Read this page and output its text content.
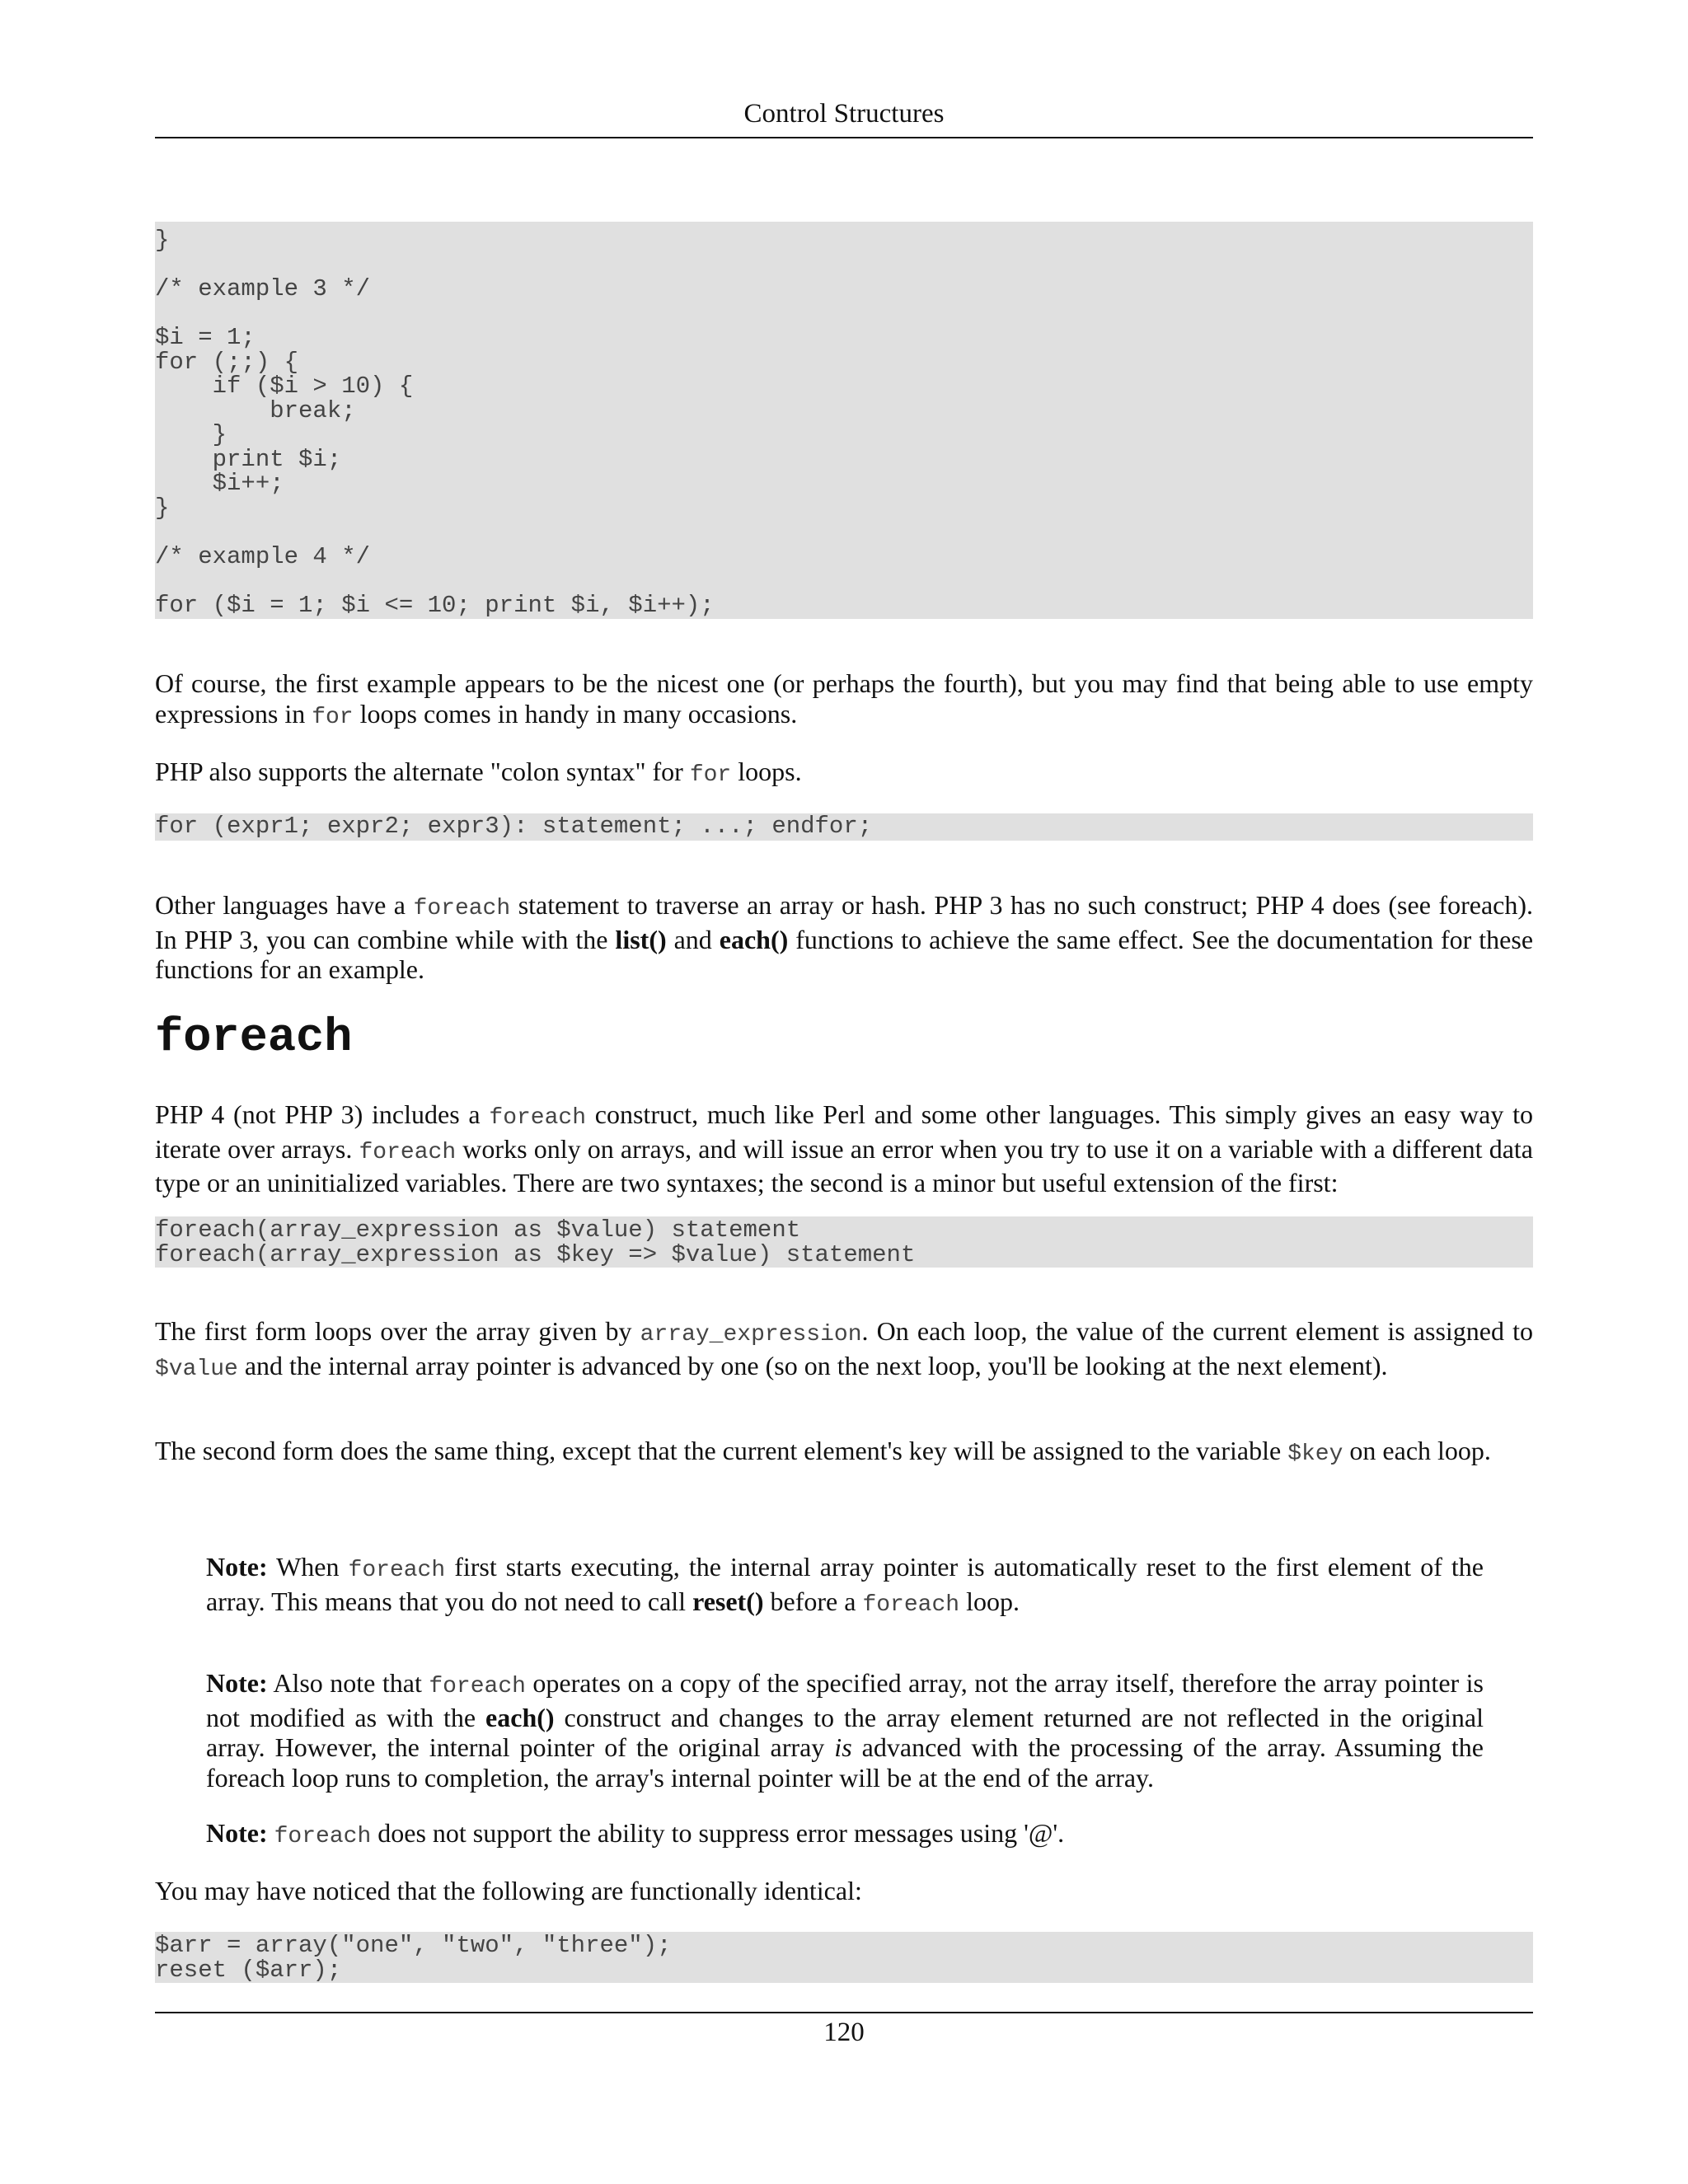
Control Structures
}

/* example 3 */

$i = 1;
for (;;) {
if ($i > 10) {
break;
}
print $i;
$i++;
}

/* example 4 */

for ($i = 1; $i <= 10; print $i, $i++);

Of course, the first example appears to be the nicest one (or perhaps the fourth), but you may find that being able to use empty expressions in for loops comes in handy in many occasions.

PHP also supports the alternate "colon syntax" for for loops.

for (expr1; expr2; expr3): statement; ...; endfor;

Other languages have a foreach statement to traverse an array or hash. PHP 3 has no such construct; PHP 4 does (see foreach). In PHP 3, you can combine while with the list() and each() functions to achieve the same effect. See the documentation for these functions for an example.

foreach

PHP 4 (not PHP 3) includes a foreach construct, much like Perl and some other languages. This simply gives an easy way to iterate over arrays. foreach works only on arrays, and will issue an error when you try to use it on a variable with a different data type or an uninitialized variables. There are two syntaxes; the second is a minor but useful extension of the first:

foreach(array_expression as $value) statement
foreach(array_expression as $key => $value) statement

The first form loops over the array given by array_expression. On each loop, the value of the current element is assigned to $value and the internal array pointer is advanced by one (so on the next loop, you'll be looking at the next element).

The second form does the same thing, except that the current element's key will be assigned to the variable $key on each loop.

Note: When foreach first starts executing, the internal array pointer is automatically reset to the first element of the array. This means that you do not need to call reset() before a foreach loop.

Note: Also note that foreach operates on a copy of the specified array, not the array itself, therefore the array pointer is not modified as with the each() construct and changes to the array element returned are not reflected in the original array. However, the internal pointer of the original array is advanced with the processing of the array. Assuming the foreach loop runs to completion, the array's internal pointer will be at the end of the array.

Note: foreach does not support the ability to suppress error messages using '@'.

You may have noticed that the following are functionally identical:

$arr = array("one", "two", "three");
reset ($arr);
120
